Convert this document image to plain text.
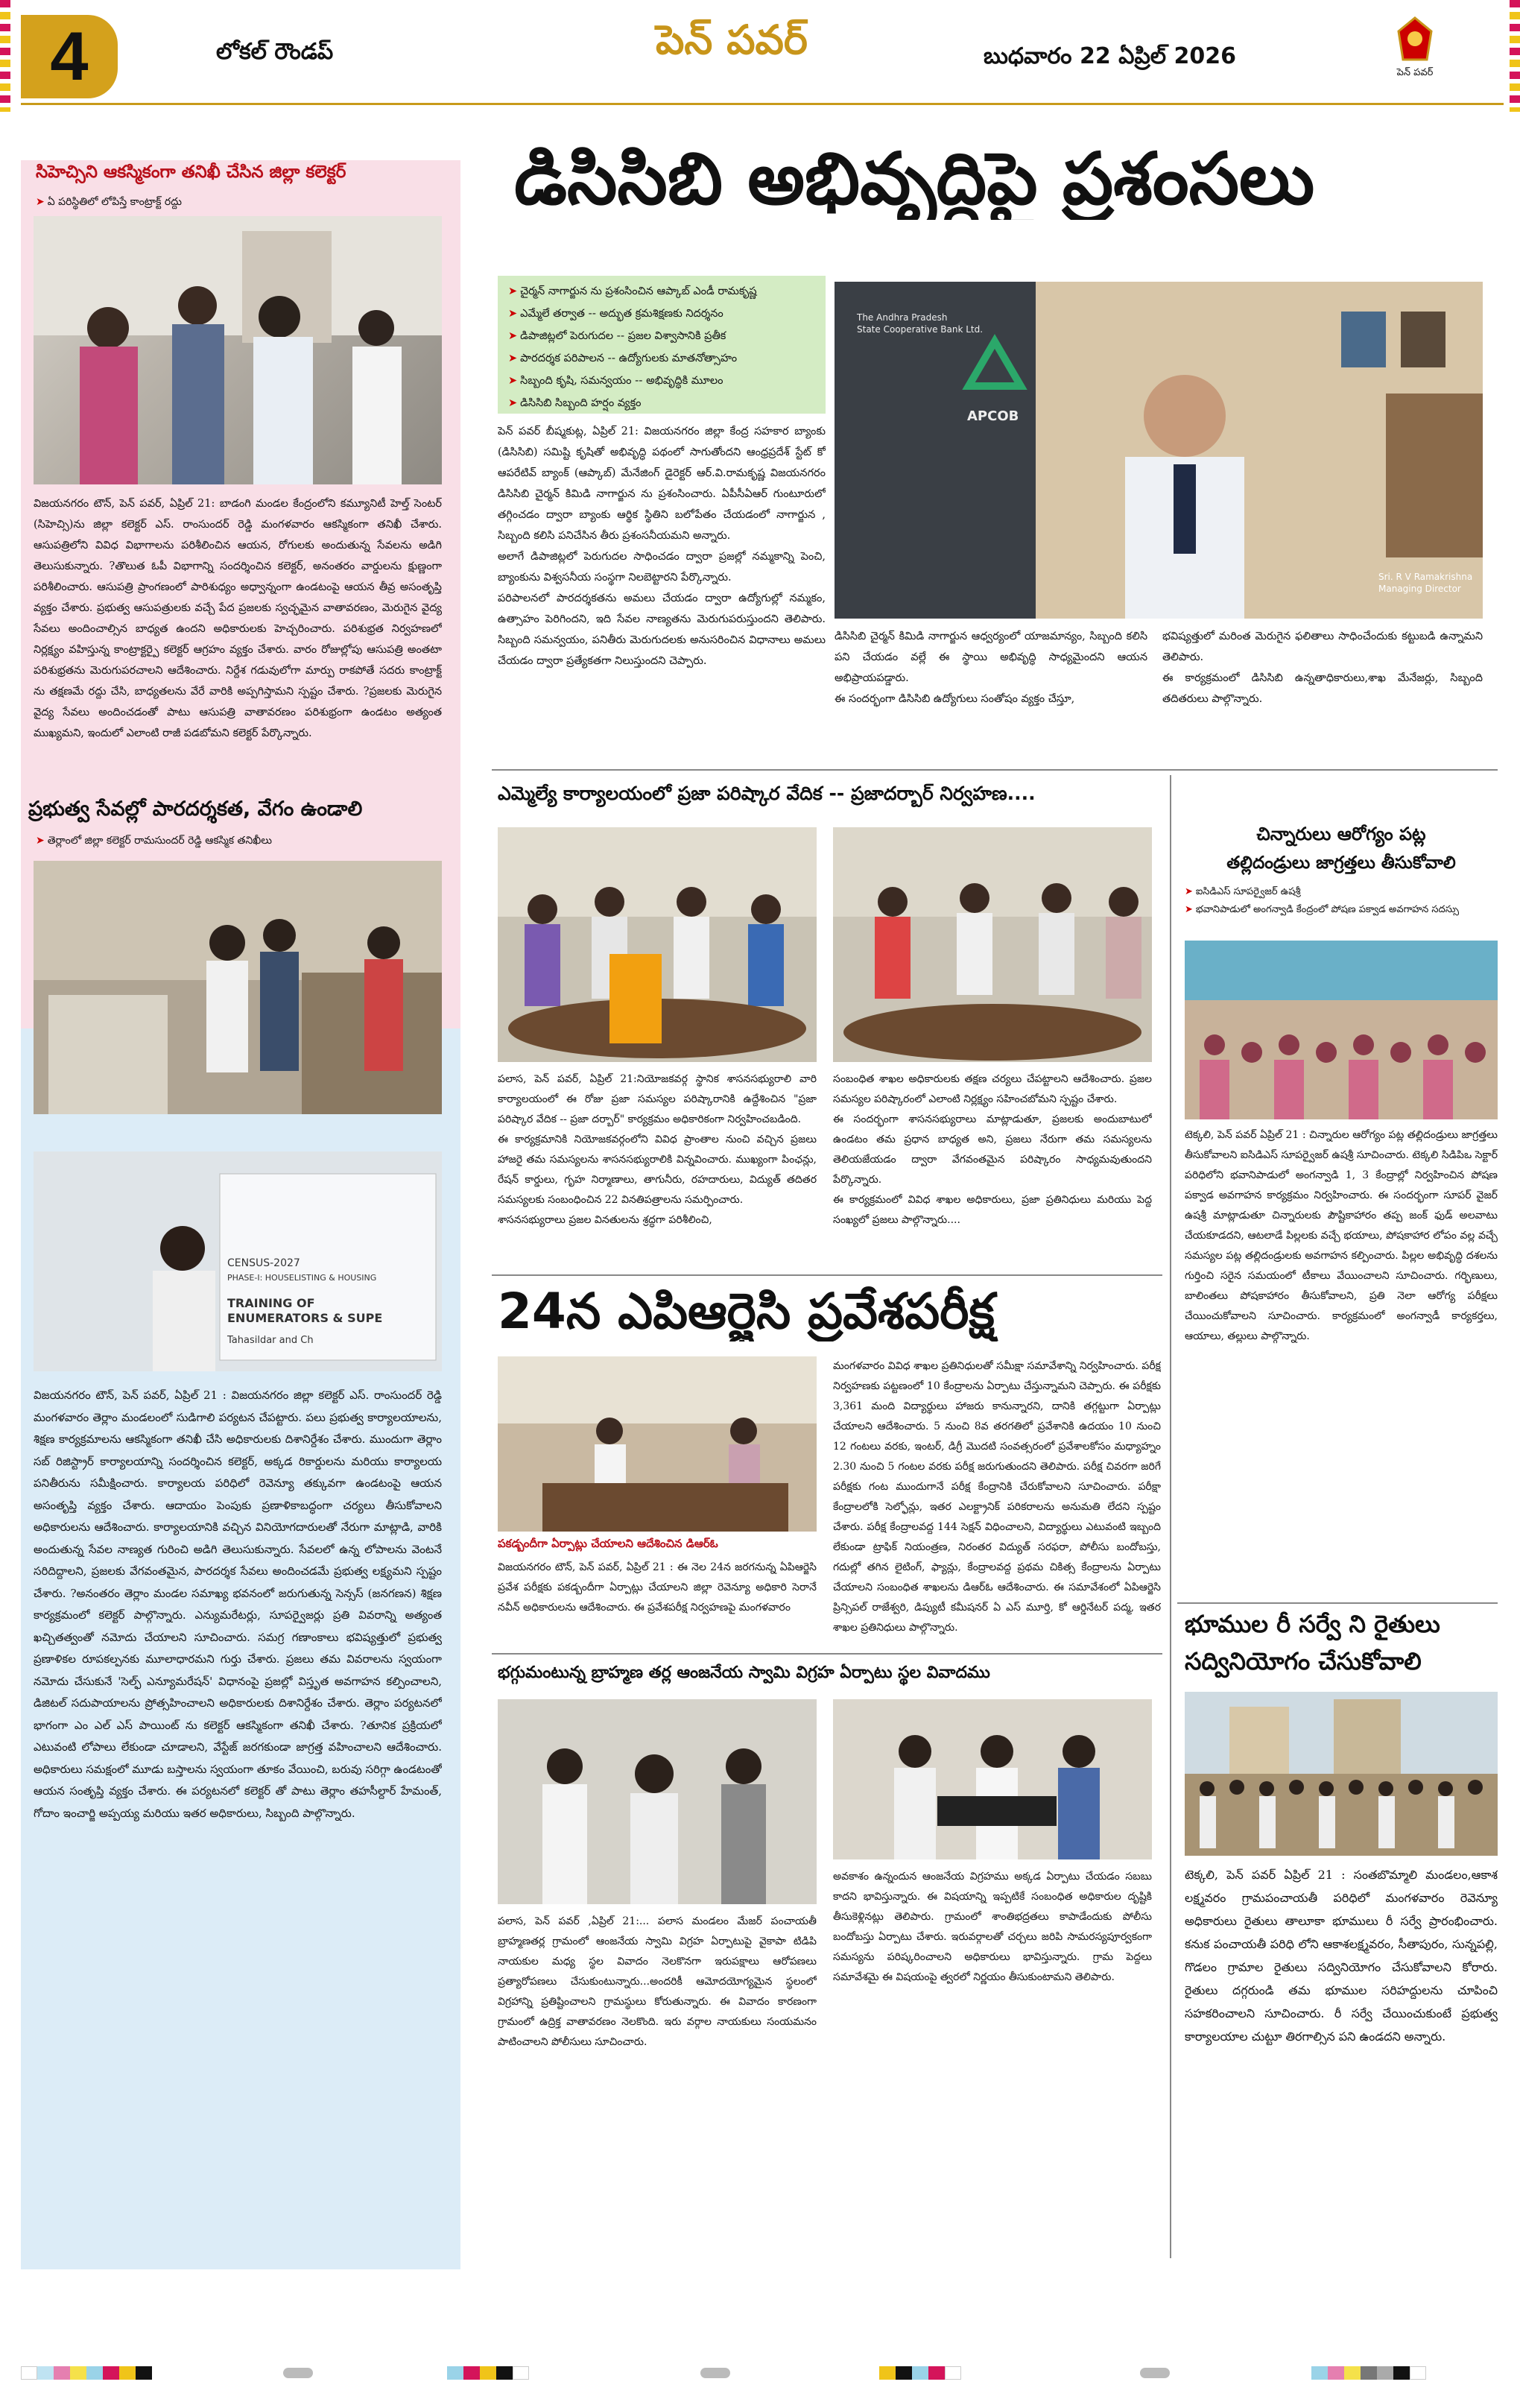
4	లోకల్ రౌండప్	పెన్ పవర్	బుధవారం 22 ఏప్రిల్ 2026
పెన్ పవర్
సిహెచ్సిని ఆకస్మికంగా తనిఖీ చేసిన జిల్లా కలెక్టర్
➤ ఏ పరిస్థితిలో లోపిస్తే కాంట్రాక్ట్ రద్దు
విజయనగరం టౌన్, పెన్ పవర్, ఏప్రిల్ 21: బాడంగి మండల కేంద్రంలోని కమ్యూనిటీ హెల్త్ సెంటర్ (సిహెచ్సి)ను జిల్లా కలెక్టర్ ఎస్. రాంసుందర్ రెడ్డి మంగళవారం ఆకస్మికంగా తనిఖీ చేశారు. ఆసుపత్రిలోని వివిధ విభాగాలను పరిశీలించిన ఆయన, రోగులకు అందుతున్న సేవలను అడిగి తెలుసుకున్నారు. ?తొలుత ఓపీ విభాగాన్ని సందర్శించిన కలెక్టర్, అనంతరం వార్డులను క్షుణ్ణంగా పరిశీలించారు. ఆసుపత్రి ప్రాంగణంలో పారిశుధ్యం అధ్వాన్నంగా ఉండటంపై ఆయన తీవ్ర అసంతృప్తి వ్యక్తం చేశారు. ప్రభుత్వ ఆసుపత్రులకు వచ్చే పేద ప్రజలకు స్వచ్ఛమైన వాతావరణం, మెరుగైన వైద్య సేవలు అందించాల్సిన బాధ్యత ఉందని అధికారులకు హెచ్చరించారు. పరిశుభ్రత నిర్వహణలో నిర్లక్ష్యం వహిస్తున్న కాంట్రాక్టర్పై కలెక్టర్ ఆగ్రహం వ్యక్తం చేశారు. వారం రోజుల్లోపు ఆసుపత్రి అంతటా పరిశుభ్రతను మెరుగుపరచాలని ఆదేశించారు. నిర్దేశ గడువులోగా మార్పు రాకపోతే సదరు కాంట్రాక్ట్ ను తక్షణమే రద్దు చేసి, బాధ్యతలను వేరే వారికి అప్పగిస్తామని స్పష్టం చేశారు. ?ప్రజలకు మెరుగైన వైద్య సేవలు అందించడంతో పాటు ఆసుపత్రి వాతావరణం పరిశుభ్రంగా ఉండటం అత్యంత ముఖ్యమని, ఇందులో ఎలాంటి రాజీ పడబోమని కలెక్టర్ పేర్కొన్నారు.
ప్రభుత్వ సేవల్లో పారదర్శకత, వేగం ఉండాలి
➤ తెర్లాంలో జిల్లా కలెక్టర్ రామసుందర్ రెడ్డి ఆకస్మిక తనిఖీలు
CENSUS-2027
PHASE-I: HOUSELISTING & HOUSING
TRAINING OF
ENUMERATORS & SUPE
Tahasildar and Ch
విజయనగరం టౌన్, పెన్ పవర్, ఏప్రిల్ 21 : విజయనగరం జిల్లా కలెక్టర్ ఎస్. రాంసుందర్ రెడ్డి మంగళవారం తెర్లాం మండలంలో సుడిగాలి పర్యటన చేపట్టారు. పలు ప్రభుత్వ కార్యాలయాలను, శిక్షణ కార్యక్రమాలను ఆకస్మికంగా తనిఖీ చేసి అధికారులకు దిశానిర్దేశం చేశారు. ముందుగా తెర్లాం సబ్ రిజిస్ట్రార్ కార్యాలయాన్ని సందర్శించిన కలెక్టర్, అక్కడ రికార్డులను మరియు కార్యాలయ పనితీరును సమీక్షించారు. కార్యాలయ పరిధిలో రెవెన్యూ తక్కువగా ఉండటంపై ఆయన అసంతృప్తి వ్యక్తం చేశారు. ఆదాయం పెంపుకు ప్రణాళికాబద్ధంగా చర్యలు తీసుకోవాలని అధికారులను ఆదేశించారు. కార్యాలయానికి వచ్చిన వినియోగదారులతో నేరుగా మాట్లాడి, వారికి అందుతున్న సేవల నాణ్యత గురించి అడిగి తెలుసుకున్నారు. సేవలలో ఉన్న లోపాలను వెంటనే సరిదిద్దాలని, ప్రజలకు వేగవంతమైన, పారదర్శక సేవలు అందించడమే ప్రభుత్వ లక్ష్యమని స్పష్టం చేశారు. ?అనంతరం తెర్లాం మండల సమాఖ్య భవనంలో జరుగుతున్న సెన్సస్ (జనగణన) శిక్షణ కార్యక్రమంలో కలెక్టర్ పాల్గొన్నారు. ఎన్యుమరేటర్లు, సూపర్వైజర్లు ప్రతి వివరాన్ని అత్యంత ఖచ్చితత్వంతో నమోదు చేయాలని సూచించారు. సమగ్ర గణాంకాలు భవిష్యత్తులో ప్రభుత్వ ప్రణాళికల రూపకల్పనకు మూలాధారమని గుర్తు చేశారు. ప్రజలు తమ వివరాలను స్వయంగా నమోదు చేసుకునే 'సెల్ఫ్ ఎన్యూమరేషన్' విధానంపై ప్రజల్లో విస్తృత అవగాహన కల్పించాలని, డిజిటల్ సదుపాయాలను ప్రోత్సహించాలని అధికారులకు దిశానిర్దేశం చేశారు. తెర్లాం పర్యటనలో భాగంగా ఎం ఎల్ ఎస్ పాయింట్ ను కలెక్టర్ ఆకస్మికంగా తనిఖీ చేశారు. ?తూనిక ప్రక్రియలో ఎటువంటి లోపాలు లేకుండా చూడాలని, వేస్టేజ్ జరగకుండా జాగ్రత్త వహించాలని ఆదేశించారు. అధికారులు సమక్షంలో మూడు బస్తాలను స్వయంగా తూకం వేయించి, బరువు సరిగ్గా ఉండటంతో ఆయన సంతృప్తి వ్యక్తం చేశారు. ఈ పర్యటనలో కలెక్టర్ తో పాటు తెర్లాం తహసీల్దార్ హేమంత్, గోదాం ఇంచార్జి అప్పయ్య మరియు ఇతర అధికారులు, సిబ్బంది పాల్గొన్నారు.
డిసిసిబి అభివృద్ధిపై ప్రశంసలు
➤ చైర్మన్ నాగార్జున ను ప్రశంసించిన ఆప్కాబ్ ఎండీ రామకృష్ణ
➤ ఎమ్మేలే తర్వాత -- అద్భుత క్రమశిక్షణకు నిదర్శనం
➤ డిపాజిట్లలో పెరుగుదల -- ప్రజల విశ్వాసానికి ప్రతీక
➤ పారదర్శక పరిపాలన -- ఉద్యోగులకు మాతనోత్సాహం
➤ సిబ్బంది కృషి, సమన్వయం -- అభివృద్ధికి మూలం
➤ డిసిసిబి సిబ్బంది హర్షం వ్యక్తం
The Andhra Pradesh
State Cooperative Bank Ltd.
APCOB
Sri. R V Ramakrishna
Managing Director
పెన్ పవర్ బీష్మకుట్ల, ఏప్రిల్ 21: విజయనగరం జిల్లా కేంద్ర సహకార బ్యాంకు (డిసిసిబి) సమిష్టి కృషితో అభివృద్ధి పథంలో సాగుతోందని ఆంధ్రప్రదేశ్ స్టేట్ కో ఆపరేటివ్ బ్యాంక్ (ఆప్కాబ్) మేనేజింగ్ డైరెక్టర్ ఆర్.వి.రామకృష్ణ విజయనగరం డిసిసిబి చైర్మన్ కిమిడి నాగార్జున ను ప్రశంసించారు. ఏపీసీఏఆర్ గుంటూరులో తగ్గించడం ద్వారా బ్యాంకు ఆర్థిక స్థితిని బలోపేతం చేయడంలో నాగార్జున , సిబ్బంది కలిసి పనిచేసిన తీరు ప్రశంసనీయమని అన్నారు.
అలాగే డిపాజిట్లలో పెరుగుదల సాధించడం ద్వారా ప్రజల్లో నమ్మకాన్ని పెంచి, బ్యాంకును విశ్వసనీయ సంస్థగా నిలబెట్టారని పేర్కొన్నారు.
పరిపాలనలో పారదర్శకతను అమలు చేయడం ద్వారా ఉద్యోగుల్లో నమ్మకం, ఉత్సాహం పెరిగిందని, ఇది సేవల నాణ్యతను మెరుగుపరుస్తుందని తెలిపారు. సిబ్బంది సమన్వయం, పనితీరు మెరుగుదలకు అనుసరించిన విధానాలు అమలు చేయడం ద్వారా ప్రత్యేకతగా నిలుస్తుందని చెప్పారు.
డిసిసిబి చైర్మన్ కిమిడి నాగార్జున ఆధ్వర్యంలో యాజమాన్యం, సిబ్బంది కలిసి పని చేయడం వల్లే ఈ స్థాయి అభివృద్ధి సాధ్యమైందని ఆయన అభిప్రాయపడ్డారు.
ఈ సందర్భంగా డిసిసిబి ఉద్యోగులు సంతోషం వ్యక్తం చేస్తూ,
భవిష్యత్తులో మరింత మెరుగైన ఫలితాలు సాధించేందుకు కట్టుబడి ఉన్నామని తెలిపారు.
ఈ కార్యక్రమంలో డిసిసిబి ఉన్నతాధికారులు,శాఖ మేనేజర్లు, సిబ్బంది తదితరులు పాల్గొన్నారు.
ఎమ్మెల్యే కార్యాలయంలో ప్రజా పరిష్కార వేదిక -- ప్రజాదర్బార్ నిర్వహణ....
పలాస, పెన్ పవర్, ఏప్రిల్ 21:నియోజకవర్గ స్థానిక శాసనసభ్యురాలి వారి కార్యాలయంలో ఈ రోజు ప్రజా సమస్యల పరిష్కారానికి ఉద్దేశించిన "ప్రజా పరిష్కార వేదిక -- ప్రజా దర్బార్" కార్యక్రమం అధికారికంగా నిర్వహించబడింది.
ఈ కార్యక్రమానికి నియోజకవర్గంలోని వివిధ ప్రాంతాల నుంచి వచ్చిన ప్రజలు హాజరై తమ సమస్యలను శాసనసభ్యురాలికి విన్నవించారు. ముఖ్యంగా పింఛన్లు, రేషన్ కార్డులు, గృహ నిర్మాణాలు, తాగునీరు, రహదారులు, విద్యుత్ తదితర సమస్యలకు సంబంధించిన 22 వినతిపత్రాలను సమర్పించారు.
శాసనసభ్యురాలు ప్రజల వినతులను శ్రద్ధగా పరిశీలించి,
సంబంధిత శాఖల అధికారులకు తక్షణ చర్యలు చేపట్టాలని ఆదేశించారు. ప్రజల సమస్యల పరిష్కారంలో ఎలాంటి నిర్లక్ష్యం సహించబోమని స్పష్టం చేశారు.
ఈ సందర్భంగా శాసనసభ్యురాలు మాట్లాడుతూ, ప్రజలకు అందుబాటులో ఉండటం తమ ప్రధాన బాధ్యత అని, ప్రజలు నేరుగా తమ సమస్యలను తెలియజేయడం ద్వారా వేగవంతమైన పరిష్కారం సాధ్యమవుతుందని పేర్కొన్నారు.
ఈ కార్యక్రమంలో వివిధ శాఖల అధికారులు, ప్రజా ప్రతినిధులు మరియు పెద్ద సంఖ్యలో ప్రజలు పాల్గొన్నారు....
24న ఎపిఆర్జెసి ప్రవేశపరీక్ష
పకడ్బందీగా ఏర్పాట్లు చేయాలని ఆదేశించిన డిఆర్ఓ
విజయనగరం టౌన్, పెన్ పవర్, ఏప్రిల్ 21 : ఈ నెల 24న జరగనున్న ఏపిఆర్జెసి ప్రవేశ పరీక్షకు పకడ్బందీగా ఏర్పాట్లు చేయాలని జిల్లా రెవెన్యూ అధికారి సెరానే నవీన్ అధికారులను ఆదేశించారు. ఈ ప్రవేశపరీక్ష నిర్వహణపై మంగళవారం
మంగళవారం వివిధ శాఖల ప్రతినిధులతో సమీక్షా సమావేశాన్ని నిర్వహించారు. పరీక్ష నిర్వహణకు పట్టణంలో 10 కేంద్రాలను ఏర్పాటు చేస్తున్నామని చెప్పారు. ఈ పరీక్షకు 3,361 మంది విద్యార్థులు హాజరు కానున్నారని, దానికి తగ్గట్టుగా ఏర్పాట్లు చేయాలని ఆదేశించారు. 5 నుంచి 8వ తరగతిలో ప్రవేశానికి ఉదయం 10 నుంచి 12 గంటలు వరకు, ఇంటర్, డిగ్రీ మొదటి సంవత్సరంలో ప్రవేశాలకోసం మధ్యాహ్నం 2.30 నుంచి 5 గంటల వరకు పరీక్ష జరుగుతుందని తెలిపారు. పరీక్ష చివరగా జరిగే పరీక్షకు గంట ముందుగానే పరీక్ష కేంద్రానికి చేరుకోవాలని సూచించారు. పరీక్షా కేంద్రాలలోకి సెల్ఫోన్లు, ఇతర ఎలక్ట్రానిక్ పరికరాలను అనుమతి లేదని స్పష్టం చేశారు. పరీక్ష కేంద్రాలవద్ద 144 సెక్షన్ విధించాలని, విద్యార్థులు ఎటువంటి ఇబ్బంది లేకుండా ట్రాఫిక్ నియంత్రణ, నిరంతర విద్యుత్ సరఫరా, పోలీసు బందోబస్తు, గదుల్లో తగిన లైటింగ్, ఫ్యాన్లు, కేంద్రాలవద్ద ప్రథమ చికిత్స కేంద్రాలను ఏర్పాటు చేయాలని సంబంధిత శాఖలను డిఆర్ఓ ఆదేశించారు. ఈ సమావేశంలో ఏపిఆర్జెసి ప్రిన్సిపల్ రాజేశ్వరి, డిప్యుటీ కమీషనర్ ఏ ఎస్ మూర్తి, కో ఆర్డినేటర్ పద్మ, ఇతర శాఖల ప్రతినిధులు పాల్గొన్నారు.
భగ్గుమంటున్న బ్రాహ్మణ తర్ల ఆంజనేయ స్వామి విగ్రహ ఏర్పాటు స్థల వివాదము
పలాస, పెన్ పవర్ ,ఏప్రిల్ 21:... పలాస మండలం మేజర్ పంచాయతీ బ్రాహ్మణతర్ల గ్రామంలో ఆంజనేయ స్వామి విగ్రహ ఏర్పాటుపై వైకాపా టిడిపి నాయకుల మధ్య స్థల వివాదం నెలకొనగా ఇరుపక్షాలు ఆరోపణలు ప్రత్యారోపణలు చేసుకుంటున్నారు...అందరికీ ఆమోదయోగ్యమైన స్థలంలో విగ్రహాన్ని ప్రతిష్టించాలని గ్రామస్థులు కోరుతున్నారు. ఈ వివాదం కారణంగా గ్రామంలో ఉద్రిక్త వాతావరణం నెలకొంది. ఇరు వర్గాల నాయకులు సంయమనం పాటించాలని పోలీసులు సూచించారు.
అవకాశం ఉన్నందున ఆంజనేయ విగ్రహము అక్కడ ఏర్పాటు చేయడం సబబు కాదని భావిస్తున్నారు. ఈ విషయాన్ని ఇప్పటికే సంబంధిత అధికారుల దృష్టికి తీసుకెళ్లినట్లు తెలిపారు. గ్రామంలో శాంతిభద్రతలు కాపాడేందుకు పోలీసు బందోబస్తు ఏర్పాటు చేశారు. ఇరువర్గాలతో చర్చలు జరిపి సామరస్యపూర్వకంగా సమస్యను పరిష్కరించాలని అధికారులు భావిస్తున్నారు. గ్రామ పెద్దలు సమావేశమై ఈ విషయంపై త్వరలో నిర్ణయం తీసుకుంటామని తెలిపారు.
చిన్నారులు ఆరోగ్యం పట్ల
తల్లిదండ్రులు జాగ్రత్తలు తీసుకోవాలి
➤ ఐసిడిఎస్ సూపర్వైజర్ ఉషశ్రీ
➤ భవానిపాడులో అంగన్వాడి కేంద్రంలో పోషణ పక్వాడ అవగాహన సదస్సు
టెక్కలి, పెన్ పవర్ ఏప్రిల్ 21 : చిన్నారుల ఆరోగ్యం పట్ల తల్లిదండ్రులు జాగ్రత్తలు తీసుకోవాలని ఐసిడిఎస్ సూపర్వైజర్ ఉషశ్రీ సూచించారు. టెక్కలి సిడిపిఒ సెక్టార్ పరిధిలోని భవానిపాడులో అంగన్వాడి 1, 3 కేంద్రాల్లో నిర్వహించిన పోషణ పక్వాడ అవగాహన కార్యక్రమం నిర్వహించారు. ఈ సందర్భంగా సూపర్ వైజర్ ఉషశ్రీ మాట్లాడుతూ చిన్నారులకు పౌష్టికాహారం తప్ప జంక్ ఫుడ్ అలవాటు చేయకూడదని, ఆటలాడే పిల్లలకు వచ్చే భయాలు, పోషకాహార లోపం వల్ల వచ్చే సమస్యల పట్ల తల్లిదండ్రులకు అవగాహన కల్పించారు. పిల్లల అభివృద్ధి దశలను గుర్తించి సరైన సమయంలో టీకాలు వేయించాలని సూచించారు. గర్భిణులు, బాలింతలు పోషకాహారం తీసుకోవాలని, ప్రతి నెలా ఆరోగ్య పరీక్షలు చేయించుకోవాలని సూచించారు. కార్యక్రమంలో అంగన్వాడీ కార్యకర్తలు, ఆయాలు, తల్లులు పాల్గొన్నారు.
భూముల రీ సర్వే ని రైతులు
సద్వినియోగం చేసుకోవాలి
టెక్కలి, పెన్ పవర్ ఏప్రిల్ 21 : సంతబొమ్మాలి మండలం,ఆకాశ లక్ష్మవరం గ్రామపంచాయతీ పరిధిలో మంగళవారం రెవెన్యూ అధికారులు రైతులు తాలూకా భూములు రీ సర్వే ప్రారంభించారు. కనుక పంచాయతీ పరిధి లోని ఆకాశలక్ష్మవరం, సీతాపురం, సున్నపల్లి, గొడలం గ్రామాల రైతులు సద్వినియోగం చేసుకోవాలని కోరారు. రైతులు దగ్గరుండి తమ భూముల సరిహద్దులను చూపించి సహకరించాలని సూచించారు. రీ సర్వే చేయించుకుంటే ప్రభుత్వ కార్యాలయాల చుట్టూ తిరగాల్సిన పని ఉండదని అన్నారు.
